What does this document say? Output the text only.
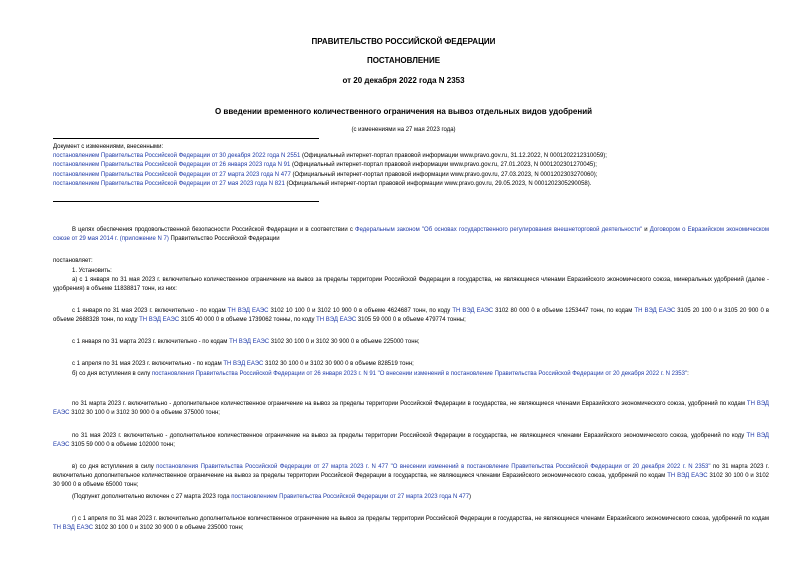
ПРАВИТЕЛЬСТВО РОССИЙСКОЙ ФЕДЕРАЦИИ
ПОСТАНОВЛЕНИЕ
от 20 декабря 2022 года N 2353
О введении временного количественного ограничения на вывоз отдельных видов удобрений
(с изменениями на 27 мая 2023 года)
Документ с изменениями, внесенными:
постановлением Правительства Российской Федерации от 30 декабря 2022 года N 2551 (Официальный интернет-портал правовой информации www.pravo.gov.ru, 31.12.2022, N 0001202212310059);
постановлением Правительства Российской Федерации от 26 января 2023 года N 91 (Официальный интернет-портал правовой информации www.pravo.gov.ru, 27.01.2023, N 0001202301270045);
постановлением Правительства Российской Федерации от 27 марта 2023 года N 477 (Официальный интернет-портал правовой информации www.pravo.gov.ru, 27.03.2023, N 0001202303270060);
постановлением Правительства Российской Федерации от 27 мая 2023 года N 821 (Официальный интернет-портал правовой информации www.pravo.gov.ru, 29.05.2023, N 0001202305290058).
В целях обеспечения продовольственной безопасности Российской Федерации и в соответствии с Федеральным законом "Об основах государственного регулирования внешнеторговой деятельности" и Договором о Евразийском экономическом союзе от 29 мая 2014 г. (приложение N 7) Правительство Российской Федерации
постановляет:
1. Установить:
а) с 1 января по 31 мая 2023 г. включительно количественное ограничение на вывоз за пределы территории Российской Федерации в государства, не являющиеся членами Евразийского экономического союза, минеральных удобрений (далее - удобрения) в объеме 11838817 тонн, из них:
с 1 января по 31 мая 2023 г. включительно - по кодам ТН ВЭД ЕАЭС 3102 10 100 0 и 3102 10 900 0 в объеме 4624687 тонн, по коду ТН ВЭД ЕАЭС 3102 80 000 0 в объеме 1253447 тонн, по кодам ТН ВЭД ЕАЭС 3105 20 100 0 и 3105 20 900 0 в объеме 2688328 тонн, по коду ТН ВЭД ЕАЭС 3105 40 000 0 в объеме 1739062 тонны, по коду ТН ВЭД ЕАЭС 3105 59 000 0 в объеме 479774 тонны;
с 1 января по 31 марта 2023 г. включительно - по кодам ТН ВЭД ЕАЭС 3102 30 100 0 и 3102 30 900 0 в объеме 225000 тонн;
с 1 апреля по 31 мая 2023 г. включительно - по кодам ТН ВЭД ЕАЭС 3102 30 100 0 и 3102 30 900 0 в объеме 828519 тонн;
б) со дня вступления в силу постановления Правительства Российской Федерации от 26 января 2023 г. N 91 "О внесении изменений в постановление Правительства Российской Федерации от 20 декабря 2022 г. N 2353":
по 31 марта 2023 г. включительно - дополнительное количественное ограничение на вывоз за пределы территории Российской Федерации в государства, не являющиеся членами Евразийского экономического союза, удобрений по кодам ТН ВЭД ЕАЭС 3102 30 100 0 и 3102 30 900 0 в объеме 375000 тонн;
по 31 мая 2023 г. включительно - дополнительное количественное ограничение на вывоз за пределы территории Российской Федерации в государства, не являющиеся членами Евразийского экономического союза, удобрений по коду ТН ВЭД ЕАЭС 3105 59 000 0 в объеме 102000 тонн;
в) со дня вступления в силу постановления Правительства Российской Федерации от 27 марта 2023 г. N 477 "О внесении изменений в постановление Правительства Российской Федерации от 20 декабря 2022 г. N 2353" по 31 марта 2023 г. включительно дополнительное количественное ограничение на вывоз за пределы территории Российской Федерации в государства, не являющиеся членами Евразийского экономического союза, удобрений по кодам ТН ВЭД ЕАЭС 3102 30 100 0 и 3102 30 900 0 в объеме 65000 тонн;
(Подпункт дополнительно включен с 27 марта 2023 года постановлением Правительства Российской Федерации от 27 марта 2023 года N 477)
г) с 1 апреля по 31 мая 2023 г. включительно дополнительное количественное ограничение на вывоз за пределы территории Российской Федерации в государства, не являющиеся членами Евразийского экономического союза, удобрений по кодам ТН ВЭД ЕАЭС 3102 30 100 0 и 3102 30 900 0 в объеме 235000 тонн;
